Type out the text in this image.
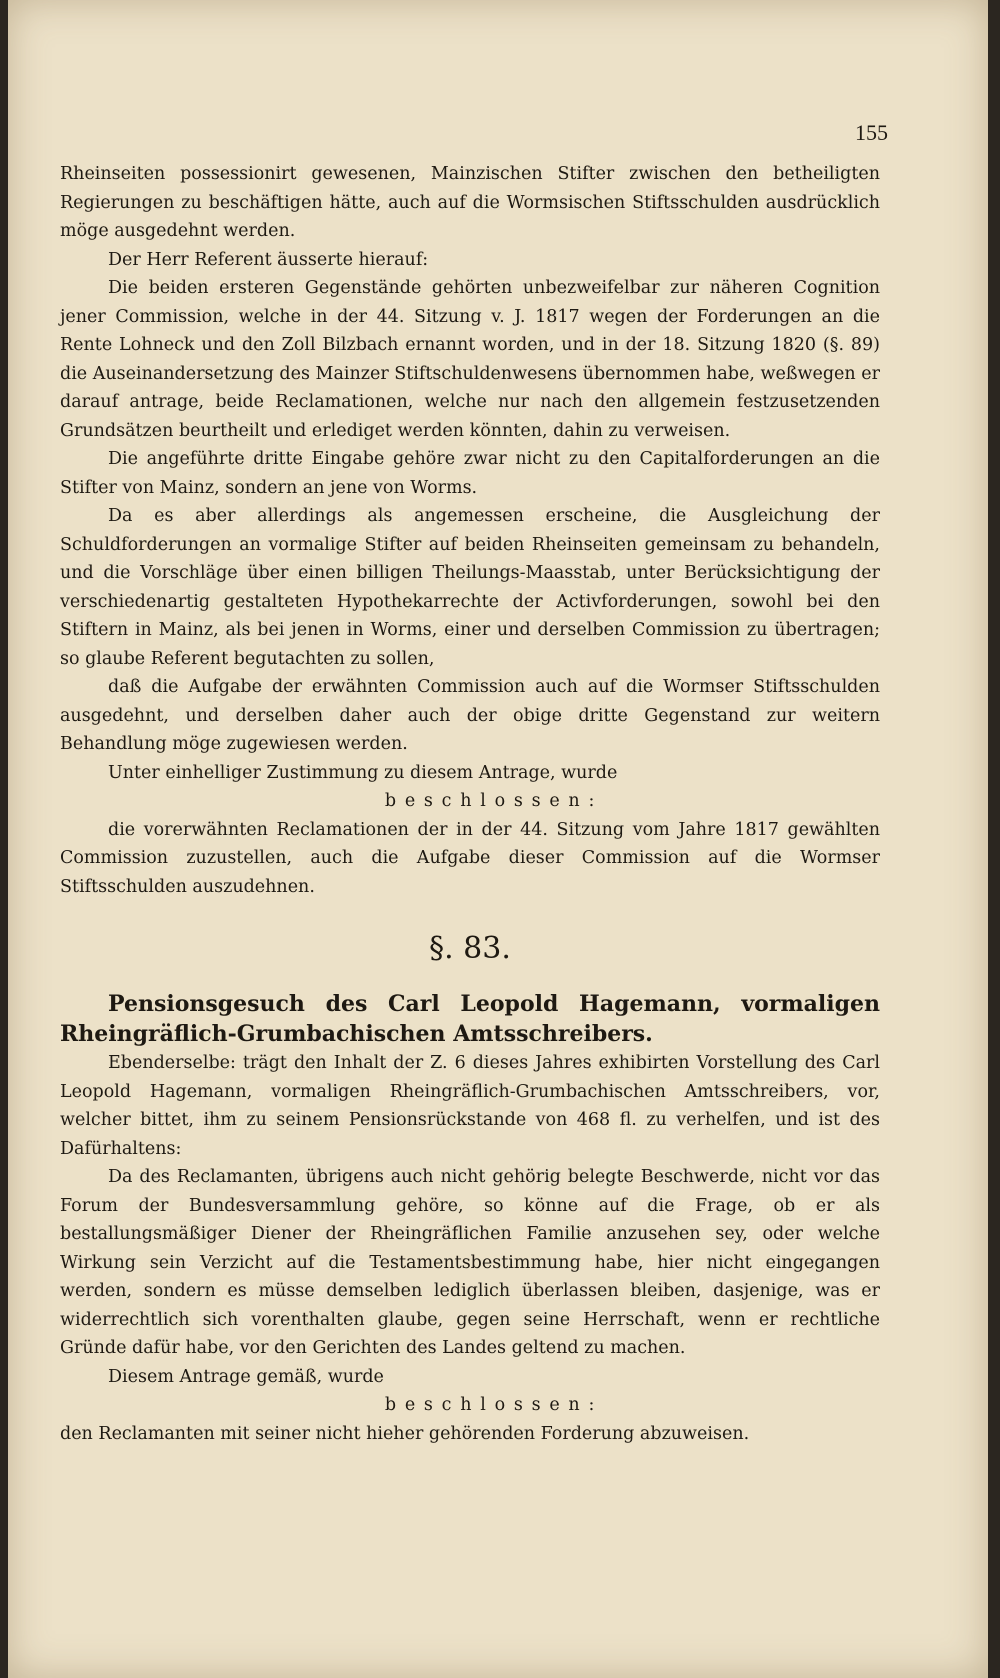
155

Rheinseiten possessionirt gewesenen, Mainzischen Stifter zwischen den betheiligten Regierungen zu beschäftigen hätte, auch auf die Wormsischen Stiftsschulden ausdrücklich möge ausgedehnt werden.

Der Herr Referent äusserte hierauf:

Die beiden ersteren Gegenstände gehörten unbezweifelbar zur näheren Cognition jener Commission, welche in der 44. Sitzung v. J. 1817 wegen der Forderungen an die Rente Lohneck und den Zoll Bilzbach ernannt worden, und in der 18. Sitzung 1820 (§. 89) die Auseinandersetzung des Mainzer Stiftschuldenwesens übernommen habe, weßwegen er darauf antrage, beide Reclamationen, welche nur nach den allgemein festzusetzenden Grundsätzen beurtheilt und erlediget werden könnten, dahin zu verweisen.

Die angeführte dritte Eingabe gehöre zwar nicht zu den Capitalforderungen an die Stifter von Mainz, sondern an jene von Worms.

Da es aber allerdings als angemessen erscheine, die Ausgleichung der Schuldforderungen an vormalige Stifter auf beiden Rheinseiten gemeinsam zu behandeln, und die Vorschläge über einen billigen Theilungs-Maasstab, unter Berücksichtigung der verschiedenartig gestalteten Hypothekarrechte der Activforderungen, sowohl bei den Stiftern in Mainz, als bei jenen in Worms, einer und derselben Commission zu übertragen; so glaube Referent begutachten zu sollen,

daß die Aufgabe der erwähnten Commission auch auf die Wormser Stiftsschulden ausgedehnt, und derselben daher auch der obige dritte Gegenstand zur weitern Behandlung möge zugewiesen werden.

Unter einhelliger Zustimmung zu diesem Antrage, wurde

beschlossen:

die vorerwähnten Reclamationen der in der 44. Sitzung vom Jahre 1817 gewählten Commission zuzustellen, auch die Aufgabe dieser Commission auf die Wormser Stiftsschulden auszudehnen.

§. 83.

Pensionsgesuch des Carl Leopold Hagemann, vormaligen Rheingräflich-Grumbachischen Amtsschreibers.

Ebenderselbe: trägt den Inhalt der Z. 6 dieses Jahres exhibirten Vorstellung des Carl Leopold Hagemann, vormaligen Rheingräflich-Grumbachischen Amtsschreibers, vor, welcher bittet, ihm zu seinem Pensionsrückstande von 468 fl. zu verhelfen, und ist des Dafürhaltens:

Da des Reclamanten, übrigens auch nicht gehörig belegte Beschwerde, nicht vor das Forum der Bundesversammlung gehöre, so könne auf die Frage, ob er als bestallungsmäßiger Diener der Rheingräflichen Familie anzusehen sey, oder welche Wirkung sein Verzicht auf die Testamentsbestimmung habe, hier nicht eingegangen werden, sondern es müsse demselben lediglich überlassen bleiben, dasjenige, was er widerrechtlich sich vorenthalten glaube, gegen seine Herrschaft, wenn er rechtliche Gründe dafür habe, vor den Gerichten des Landes geltend zu machen.

Diesem Antrage gemäß, wurde

beschlossen:

den Reclamanten mit seiner nicht hieher gehörenden Forderung abzuweisen.
